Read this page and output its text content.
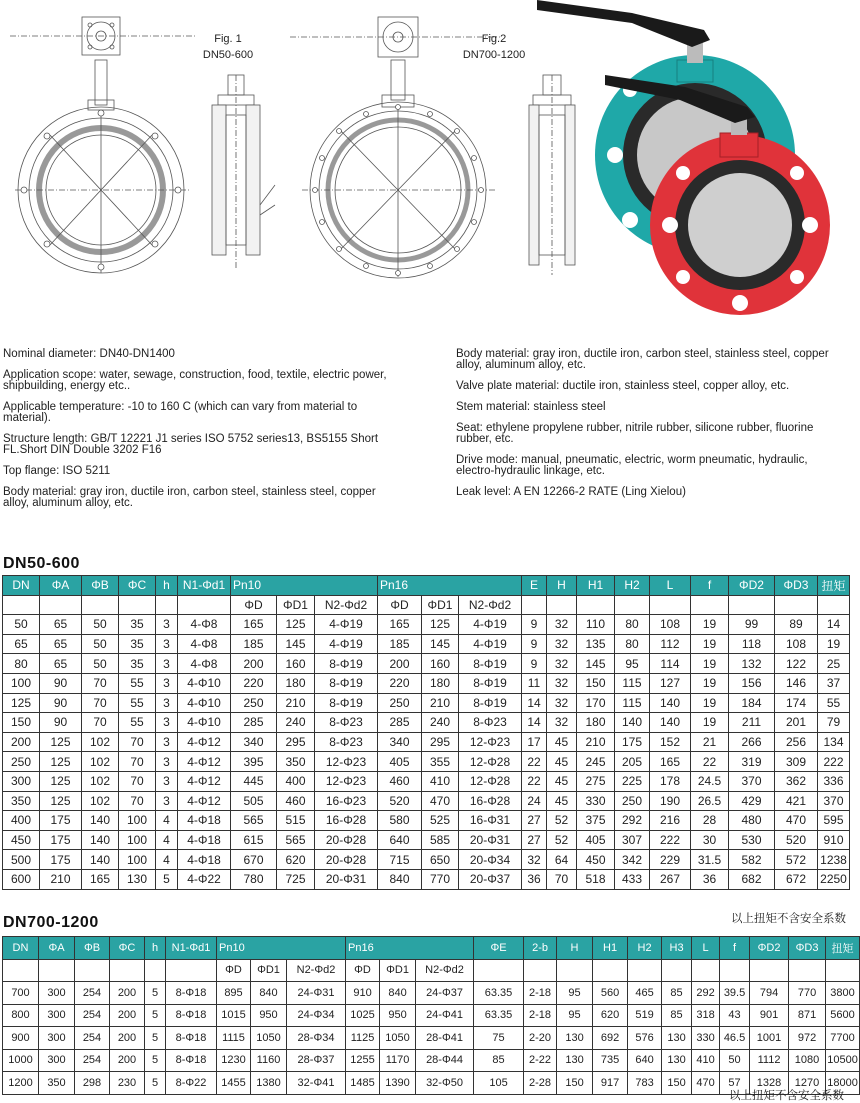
Fig. 1
DN50-600
Fig.2
DN700-1200

Nominal diameter: DN40-DN1400

Application scope: water, sewage, construction, food, textile, electric power, shipbuilding, energy etc..

Applicable temperature: -10 to 160 C (which can vary from material to material).

Structure length: GB/T 12221 J1 series ISO 5752 series13, BS5155 Short FL.Short DIN Double 3202 F16

Top flange: ISO 5211

Body material: gray iron, ductile iron, carbon steel, stainless steel, copper alloy, aluminum alloy, etc.

Body material: gray iron, ductile iron, carbon steel, stainless steel, copper alloy, aluminum alloy, etc.

Valve plate material: ductile iron, stainless steel, copper alloy, etc.

Stem material: stainless steel

Seat: ethylene propylene rubber, nitrile rubber, silicone rubber, fluorine rubber, etc.

Drive mode: manual, pneumatic, electric, worm pneumatic, hydraulic, electro-hydraulic linkage, etc.

Leak level: A EN 12266-2 RATE (Ling Xielou)

DN50-600
DN	ΦA	ΦB	ΦC	h	N1-Φd1	Pn10			Pn16			E	H	H1	H2	L	f	ΦD2	ΦD3	扭矩
						ΦD	ΦD1	N2-Φd2	ΦD	ΦD1	N2-Φd2									
50	65	50	35	3	4-Φ8	165	125	4-Φ19	165	125	4-Φ19	9	32	110	80	108	19	99	89	14
65	65	50	35	3	4-Φ8	185	145	4-Φ19	185	145	4-Φ19	9	32	135	80	112	19	118	108	19
80	65	50	35	3	4-Φ8	200	160	8-Φ19	200	160	8-Φ19	9	32	145	95	114	19	132	122	25
100	90	70	55	3	4-Φ10	220	180	8-Φ19	220	180	8-Φ19	11	32	150	115	127	19	156	146	37
125	90	70	55	3	4-Φ10	250	210	8-Φ19	250	210	8-Φ19	14	32	170	115	140	19	184	174	55
150	90	70	55	3	4-Φ10	285	240	8-Φ23	285	240	8-Φ23	14	32	180	140	140	19	211	201	79
200	125	102	70	3	4-Φ12	340	295	8-Φ23	340	295	12-Φ23	17	45	210	175	152	21	266	256	134
250	125	102	70	3	4-Φ12	395	350	12-Φ23	405	355	12-Φ28	22	45	245	205	165	22	319	309	222
300	125	102	70	3	4-Φ12	445	400	12-Φ23	460	410	12-Φ28	22	45	275	225	178	24.5	370	362	336
350	125	102	70	3	4-Φ12	505	460	16-Φ23	520	470	16-Φ28	24	45	330	250	190	26.5	429	421	370
400	175	140	100	4	4-Φ18	565	515	16-Φ28	580	525	16-Φ31	27	52	375	292	216	28	480	470	595
450	175	140	100	4	4-Φ18	615	565	20-Φ28	640	585	20-Φ31	27	52	405	307	222	30	530	520	910
500	175	140	100	4	4-Φ18	670	620	20-Φ28	715	650	20-Φ34	32	64	450	342	229	31.5	582	572	1238
600	210	165	130	5	4-Φ22	780	725	20-Φ31	840	770	20-Φ37	36	70	518	433	267	36	682	672	2250
以上扭矩不含安全系数
DN700-1200
DN	ΦA	ΦB	ΦC	h	N1-Φd1	Pn10			Pn16			ΦE	2-b	H	H1	H2	H3	L	f	ΦD2	ΦD3	扭矩
						ΦD	ΦD1	N2-Φd2	ΦD	ΦD1	N2-Φd2											
700	300	254	200	5	8-Φ18	895	840	24-Φ31	910	840	24-Φ37	63.35	2-18	95	560	465	85	292	39.5	794	770	3800
800	300	254	200	5	8-Φ18	1015	950	24-Φ34	1025	950	24-Φ41	63.35	2-18	95	620	519	85	318	43	901	871	5600
900	300	254	200	5	8-Φ18	1115	1050	28-Φ34	1125	1050	28-Φ41	75	2-20	130	692	576	130	330	46.5	1001	972	7700
1000	300	254	200	5	8-Φ18	1230	1160	28-Φ37	1255	1170	28-Φ44	85	2-22	130	735	640	130	410	50	1112	1080	10500
1200	350	298	230	5	8-Φ22	1455	1380	32-Φ41	1485	1390	32-Φ50	105	2-28	150	917	783	150	470	57	1328	1270	18000
以上扭矩不含安全系数
